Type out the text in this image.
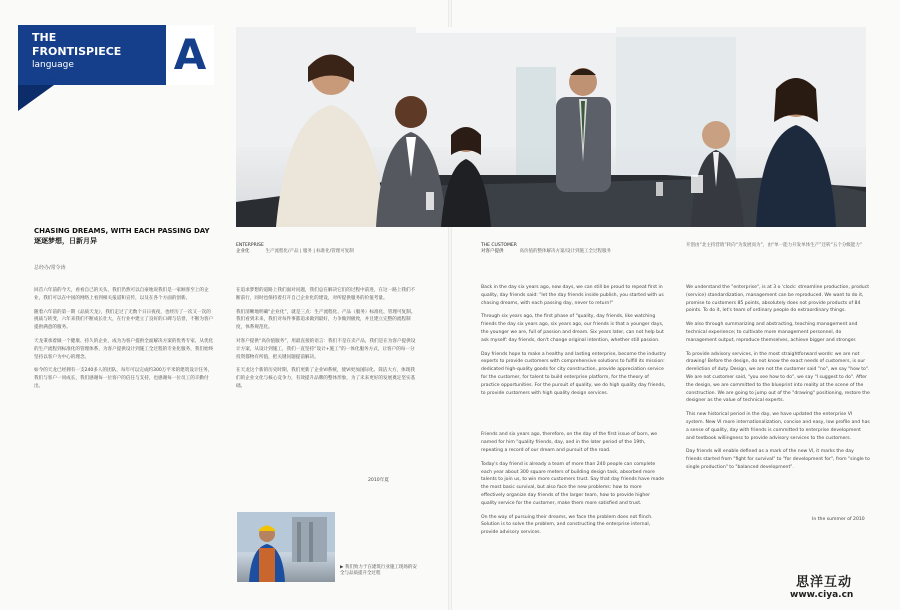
THE
FRONTISPIECE
language A
卷首语
CHASING DREAMS, WITH EACH PASSING DAY
逐逐梦想，日新月异
总经办/常令涛
ENTERPRISE
企业化	生产流程化/产品 | 服务 | 标准化/管理可复制
THE CUSTOMER
对客户提供	高价值的整体解决方案/设计到施工全过程服务
开创由“北主持营销”转向“为发展而为”，由“单一能力开发单体生产”还转“五个分级能力”

回首六年前的今天，看看自己的关头，我们仍然可以自豪地说我们是一家顾客至上的企业，我们可以在中国的网络上看到相关报道和宣传，以及在各个方面的创新。

随着六年前的第一期《品质天龙》，我们走过了无数个日日夜夜，也经历了一次又一次的挑战与转变，六年来我们不断成长壮大，在行业中建立了良好的口碑与信誉，不断为客户提供满意的服务。

天龙秉承着做一个健康、持久的企业，成为为客户提供全面解决方案的优秀专家，从优化的生产流程到标准化的管理体系，为客户提供设计到施工全过程的专业化服务，我们始终坚持以客户为中心的理念。

如今的天龙已经拥有一支240多人的团队，每年可以完成约300万平米的建筑设计任务，我们与客户一同成长，我们感谢每一位客户的信任与支持，也感谢每一位员工的辛勤付出。

在追求梦想的道路上我们面对问题，我们总在解决它们的过程中前进，在这一路上我们不断前行，同时也保持着打开自己企业化的建设，对所提供服务的价值考量。

我们清晰地明确“企业化”，就是三点：生产流程化、产品（服务）标准化、管理可复制。我们看到未来，我们对每件事都追求做到最好，力争做到极致，并且建立完整的流程制度，体系规范化。

对客户提供“高价值服务”，用最直接的语言：我们不是在卖产品，我们是在为客户提供设计方案，从设计到施工，我们一直坚持“设计+施工”的一体化服务方式，让客户的每一分投资都物有所值，把关键问题提前解决。

在天龙这个新的历史时期，我们更新了企业VI系统，使VI更加国际化、简洁大方，体现我们的企业文化与核心竞争力，有效提升品牌的整体形象，为了未来更好的发展奠定坚实基础。

2010年夏
▶ 我们致力于在建筑行业施工现场的安全与品质提升全过程

Back in the day six years ago, now days, we can still be proud to repeat first in quality, day friends said: "let the day friends inside publish, you started with us chasing dreams, with each passing day, never to return!"

Through six years ago, the first phase of "quality, day friends, like watching friends the day six years ago, six years ago, our friends is that a younger days, the younger we are, full of passion and dream. Six years later, can not help but ask myself: day friends, don't change original intention, whether still passion.

Day friends hope to make a healthy and lasting enterprise, become the industry experts to provide customers with comprehensive solutions to fulfill its mission: dedicated high-quality goods for city construction, provide appreciation service for the customer, for talent to build enterprise platform, for the theory of practice opportunities. For the pursuit of quality, we do high quality day friends, to provide customers with high quality design services.

Friends and six years ago, therefore, on the day of the first issue of born, we named for him "quality friends, day, and in the later period of the 19th, repeating a record of our dream and pursuit of the road.

Today's day friend is already a team of more than 240 people can complete each year about 300 square meters of building design task, absorbed more talents to join us, to win more customers trust. Say that day friends have made the most basic survival, but also face the new problems: how to more effectively organize day friends of the larger team, how to provide higher quality service for the customer, make them more satisfied and trust.

On the way of pursuing their dreams, we face the problem does not flinch. Solution is to solve the problem, and constructing the enterprise internal, provide advisory services.

We understand the "enterprise", is at 3 o 'clock: streamline production, product (service) standardization, management can be reproduced. We want to do it, promise to customers 85 points, absolutely does not provide products of 84 points. To do it, let's team of ordinary people do extraordinary things.

We also through summarizing and abstracting, teaching management and technical experience; to cultivate more management personnel, do management output, reproduce themselves, achieve bigger and stronger.

To provide advisory services, in the most straightforward words: we are not drawing! Before the design, do not know the exact needs of customers, is our dereliction of duty. Design, we are not the customer said "no", we say "how to". We are not customer said, "you see how to do", we say "I suggest to do". After the design, we are committed to the blueprint into reality at the scene of the construction. We are going to jump out of the "drawing" positioning, restore the designer as the value of technical experts.

This new historical period in the day, we have updated the enterprise VI system. New VI more internationalization, concise and easy, low profile and has a sense of quality, day with friends is committed to enterprise development and textbook willingness to provide advisory services to the customers.

Day friends will enable defined as a mark of the new VI, it marks the day friends started from "fight for survival" to "for development for", from "single to single production" to "balanced development".

In the summer of 2010
思洋互动
www.ciya.cn
